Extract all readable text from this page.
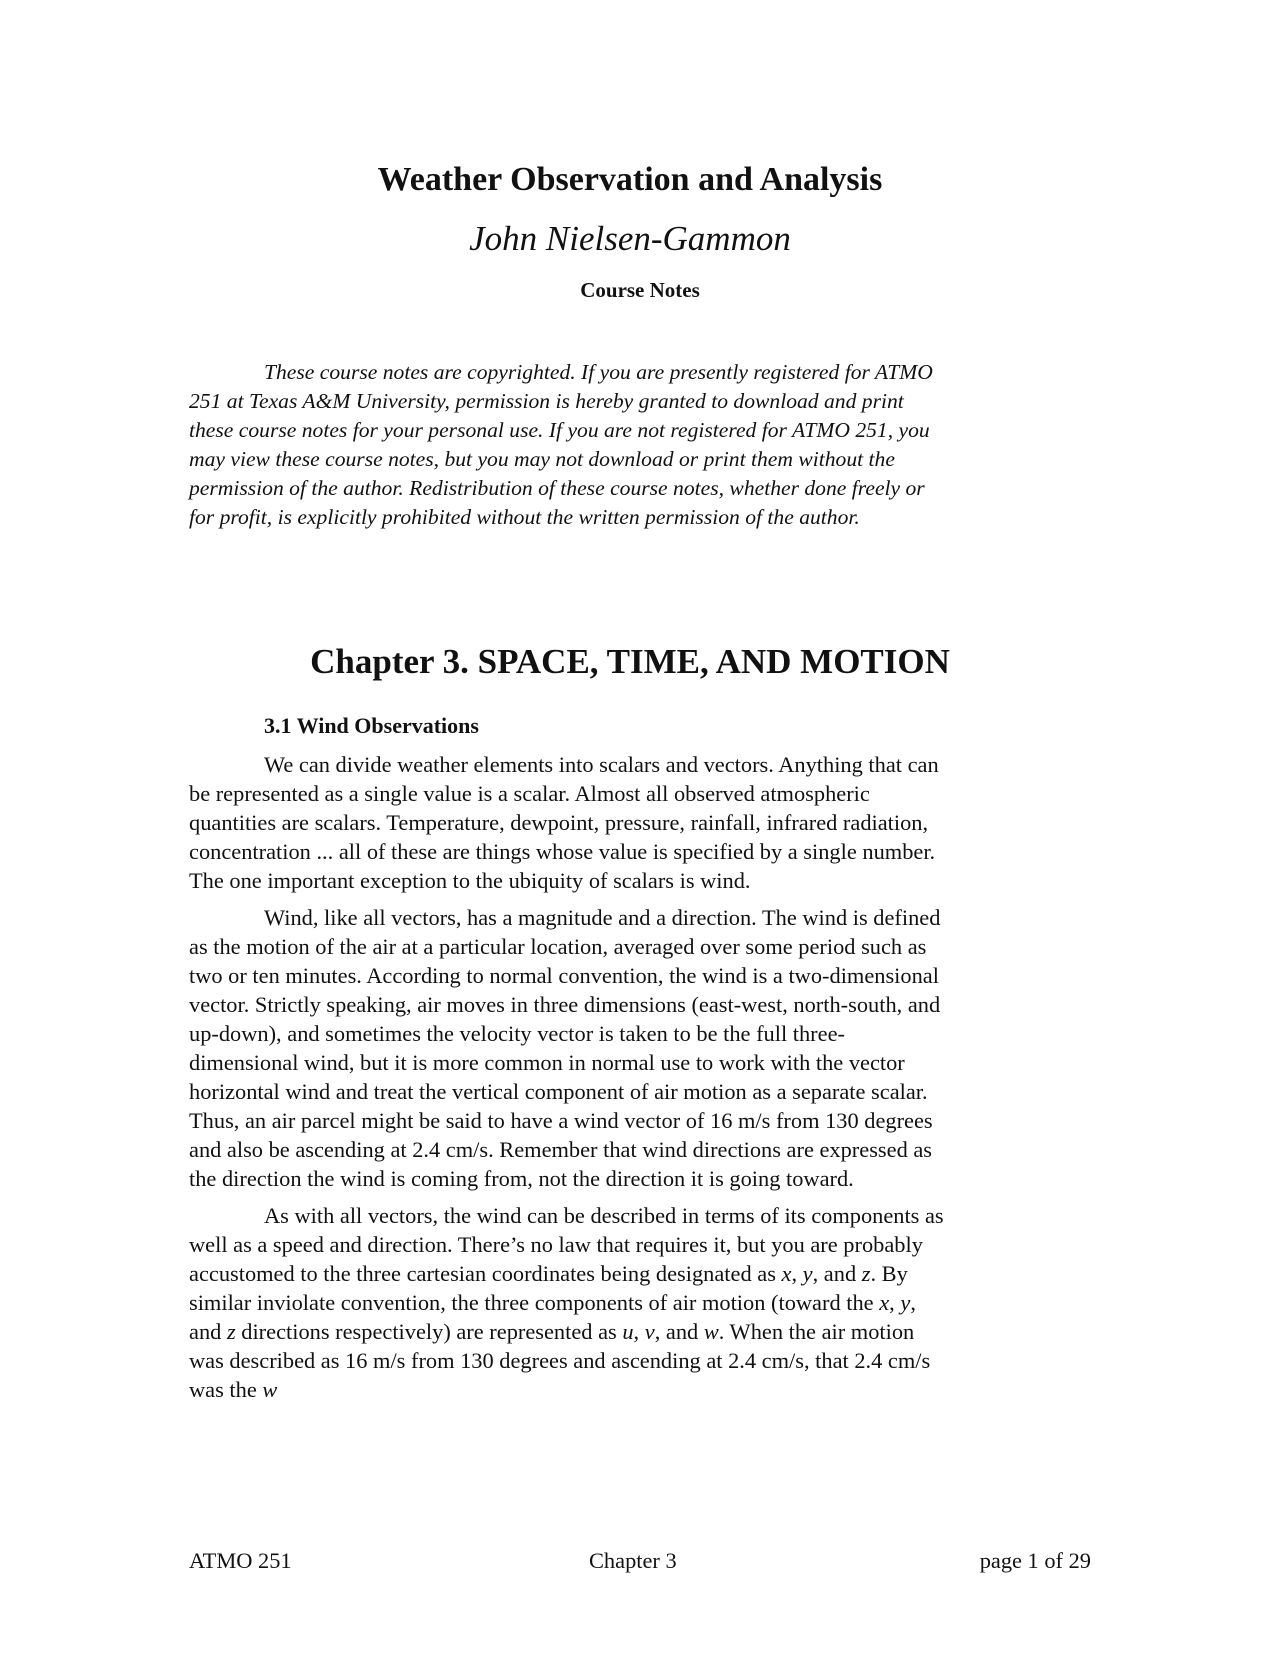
Weather Observation and Analysis
John Nielsen-Gammon
Course Notes

These course notes are copyrighted. If you are presently registered for ATMO 251 at Texas A&M University, permission is hereby granted to download and print these course notes for your personal use. If you are not registered for ATMO 251, you may view these course notes, but you may not download or print them without the permission of the author. Redistribution of these course notes, whether done freely or for profit, is explicitly prohibited without the written permission of the author.

Chapter 3. SPACE, TIME, AND MOTION
3.1 Wind Observations

We can divide weather elements into scalars and vectors. Anything that can be represented as a single value is a scalar. Almost all observed atmospheric quantities are scalars. Temperature, dewpoint, pressure, rainfall, infrared radiation, concentration ... all of these are things whose value is specified by a single number. The one important exception to the ubiquity of scalars is wind.

Wind, like all vectors, has a magnitude and a direction. The wind is defined as the motion of the air at a particular location, averaged over some period such as two or ten minutes. According to normal convention, the wind is a two-dimensional vector. Strictly speaking, air moves in three dimensions (east-west, north-south, and up-down), and sometimes the velocity vector is taken to be the full three-dimensional wind, but it is more common in normal use to work with the vector horizontal wind and treat the vertical component of air motion as a separate scalar. Thus, an air parcel might be said to have a wind vector of 16 m/s from 130 degrees and also be ascending at 2.4 cm/s. Remember that wind directions are expressed as the direction the wind is coming from, not the direction it is going toward.

As with all vectors, the wind can be described in terms of its components as well as a speed and direction. There’s no law that requires it, but you are probably accustomed to the three cartesian coordinates being designated as x, y, and z. By similar inviolate convention, the three components of air motion (toward the x, y, and z directions respectively) are represented as u, v, and w. When the air motion was described as 16 m/s from 130 degrees and ascending at 2.4 cm/s, that 2.4 cm/s was the w

ATMO 251	Chapter 3	page 1 of 29
